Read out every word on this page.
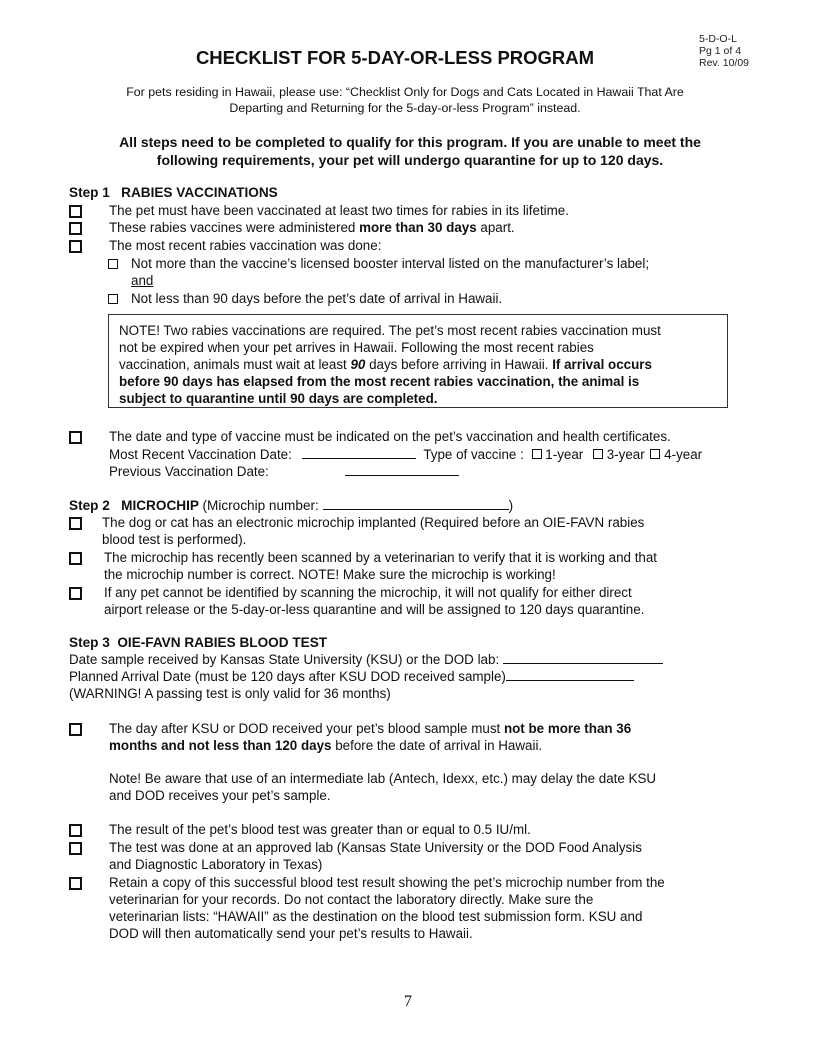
5-D-O-L
Pg 1 of 4
Rev. 10/09
CHECKLIST FOR 5-DAY-OR-LESS PROGRAM
For pets residing in Hawaii, please use: “Checklist Only for Dogs and Cats Located in Hawaii That Are
Departing and Returning for the 5-day-or-less Program” instead.
All steps need to be completed to qualify for this program. If you are unable to meet the
following requirements, your pet will undergo quarantine for up to 120 days.
Step 1 RABIES VACCINATIONS
The pet must have been vaccinated at least two times for rabies in its lifetime.
These rabies vaccines were administered more than 30 days apart.
The most recent rabies vaccination was done:
Not more than the vaccine’s licensed booster interval listed on the manufacturer’s label;
and
Not less than 90 days before the pet’s date of arrival in Hawaii.
NOTE! Two rabies vaccinations are required. The pet’s most recent rabies vaccination must
not be expired when your pet arrives in Hawaii. Following the most recent rabies
vaccination, animals must wait at least 90 days before arriving in Hawaii. If arrival occurs
before 90 days has elapsed from the most recent rabies vaccination, the animal is
subject to quarantine until 90 days are completed.
The date and type of vaccine must be indicated on the pet’s vaccination and health certificates.
Most Recent Vaccination Date:	Type of vaccine : 1-year 3-year 4-year
Previous Vaccination Date:
Step 2 MICROCHIP (Microchip number:	)
The dog or cat has an electronic microchip implanted (Required before an OIE-FAVN rabies
blood test is performed).
The microchip has recently been scanned by a veterinarian to verify that it is working and that
the microchip number is correct. NOTE! Make sure the microchip is working!
If any pet cannot be identified by scanning the microchip, it will not qualify for either direct
airport release or the 5-day-or-less quarantine and will be assigned to 120 days quarantine.
Step 3 OIE-FAVN RABIES BLOOD TEST
Date sample received by Kansas State University (KSU) or the DOD lab:
Planned Arrival Date (must be 120 days after KSU DOD received sample)
(WARNING! A passing test is only valid for 36 months)
The day after KSU or DOD received your pet’s blood sample must not be more than 36
months and not less than 120 days before the date of arrival in Hawaii.
Note! Be aware that use of an intermediate lab (Antech, Idexx, etc.) may delay the date KSU
and DOD receives your pet’s sample.
The result of the pet’s blood test was greater than or equal to 0.5 IU/ml.
The test was done at an approved lab (Kansas State University or the DOD Food Analysis
and Diagnostic Laboratory in Texas)
Retain a copy of this successful blood test result showing the pet’s microchip number from the
veterinarian for your records. Do not contact the laboratory directly. Make sure the
veterinarian lists: “HAWAII” as the destination on the blood test submission form. KSU and
DOD will then automatically send your pet’s results to Hawaii.
7
